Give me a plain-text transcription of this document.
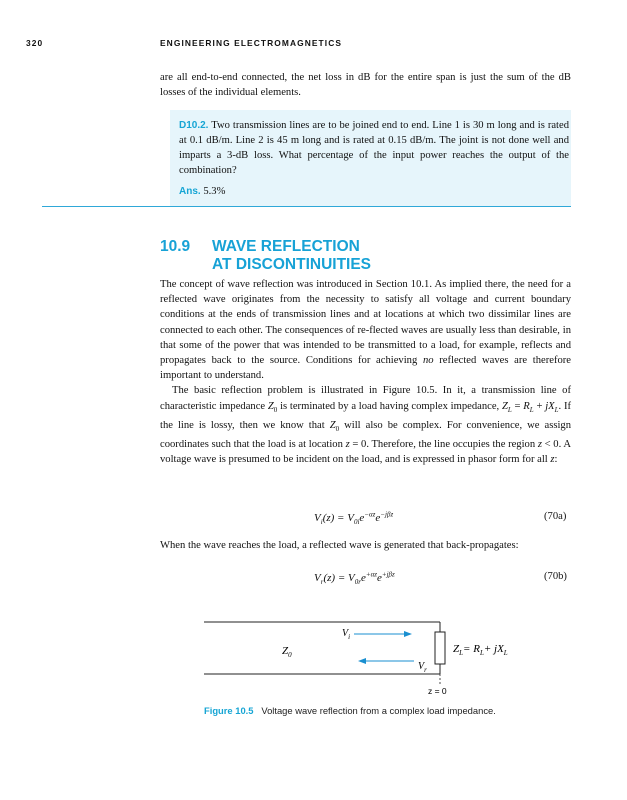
320	ENGINEERING ELECTROMAGNETICS

are all end-to-end connected, the net loss in dB for the entire span is just the sum of the dB losses of the individual elements.

D10.2. Two transmission lines are to be joined end to end. Line 1 is 30 m long and is rated at 0.1 dB/m. Line 2 is 45 m long and is rated at 0.15 dB/m. The joint is not done well and imparts a 3-dB loss. What percentage of the input power reaches the output of the combination?
Ans. 5.3%
10.9 WAVE REFLECTION
AT DISCONTINUITIES

The concept of wave reflection was introduced in Section 10.1. As implied there, the need for a reflected wave originates from the necessity to satisfy all voltage and current boundary conditions at the ends of transmission lines and at locations at which two dissimilar lines are connected to each other. The consequences of re-flected waves are usually less than desirable, in that some of the power that was intended to be transmitted to a load, for example, reflects and propagates back to the source. Conditions for achieving no reflected waves are therefore important to understand.

The basic reflection problem is illustrated in Figure 10.5. In it, a transmission line of characteristic impedance $Z_0$ is terminated by a load having complex impedance, $Z_L = R_L + jX_L$. If the line is lossy, then we know that $Z_0$ will also be complex. For convenience, we assign coordinates such that the load is at location z = 0. Therefore, the line occupies the region z < 0. A voltage wave is presumed to be incident on the load, and is expressed in phasor form for all z:

$V_i(z) = V_{0i}e^{-\alpha z}e^{-j\beta z}$	(70a)

When the wave reaches the load, a reflected wave is generated that back-propagates:

$V_r(z) = V_{0r}e^{+\alpha z}e^{+j\beta z}$	(70b)
$Z_0$
$V_i$
$V_r$
$Z_L= R_L+ jX_L$
z = 0
Figure 10.5 Voltage wave reflection from a complex load impedance.
